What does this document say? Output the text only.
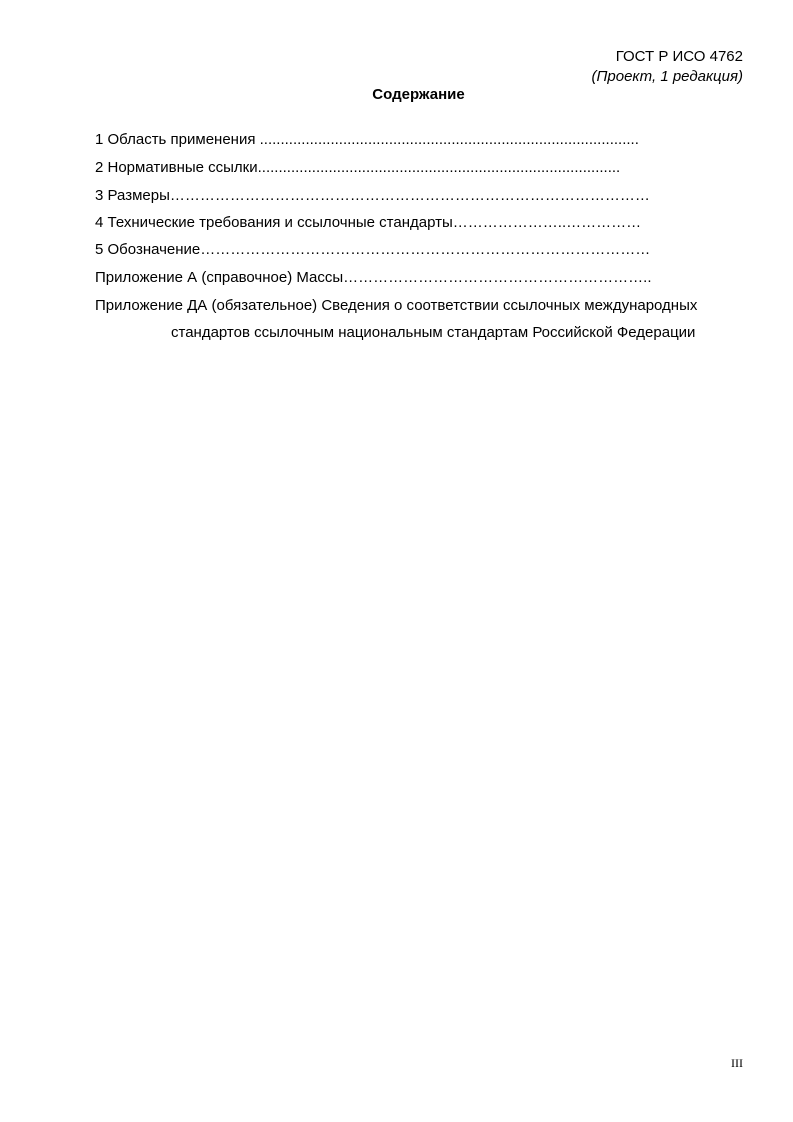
ГОСТ Р ИСО 4762
(Проект, 1 редакция)
Содержание
1 Область применения ...........................................................................................
2 Нормативные ссылки.......................................................................................
3 Размеры……………………………………………………………………………………
4 Технические требования и ссылочные стандарты…………………..……………
5 Обозначение………………………………………………………………………………
Приложение А (справочное) Массы……………………………………………………..
Приложение ДА (обязательное) Сведения о соответствии ссылочных международных
стандартов ссылочным национальным стандартам Российской Федерации
III
